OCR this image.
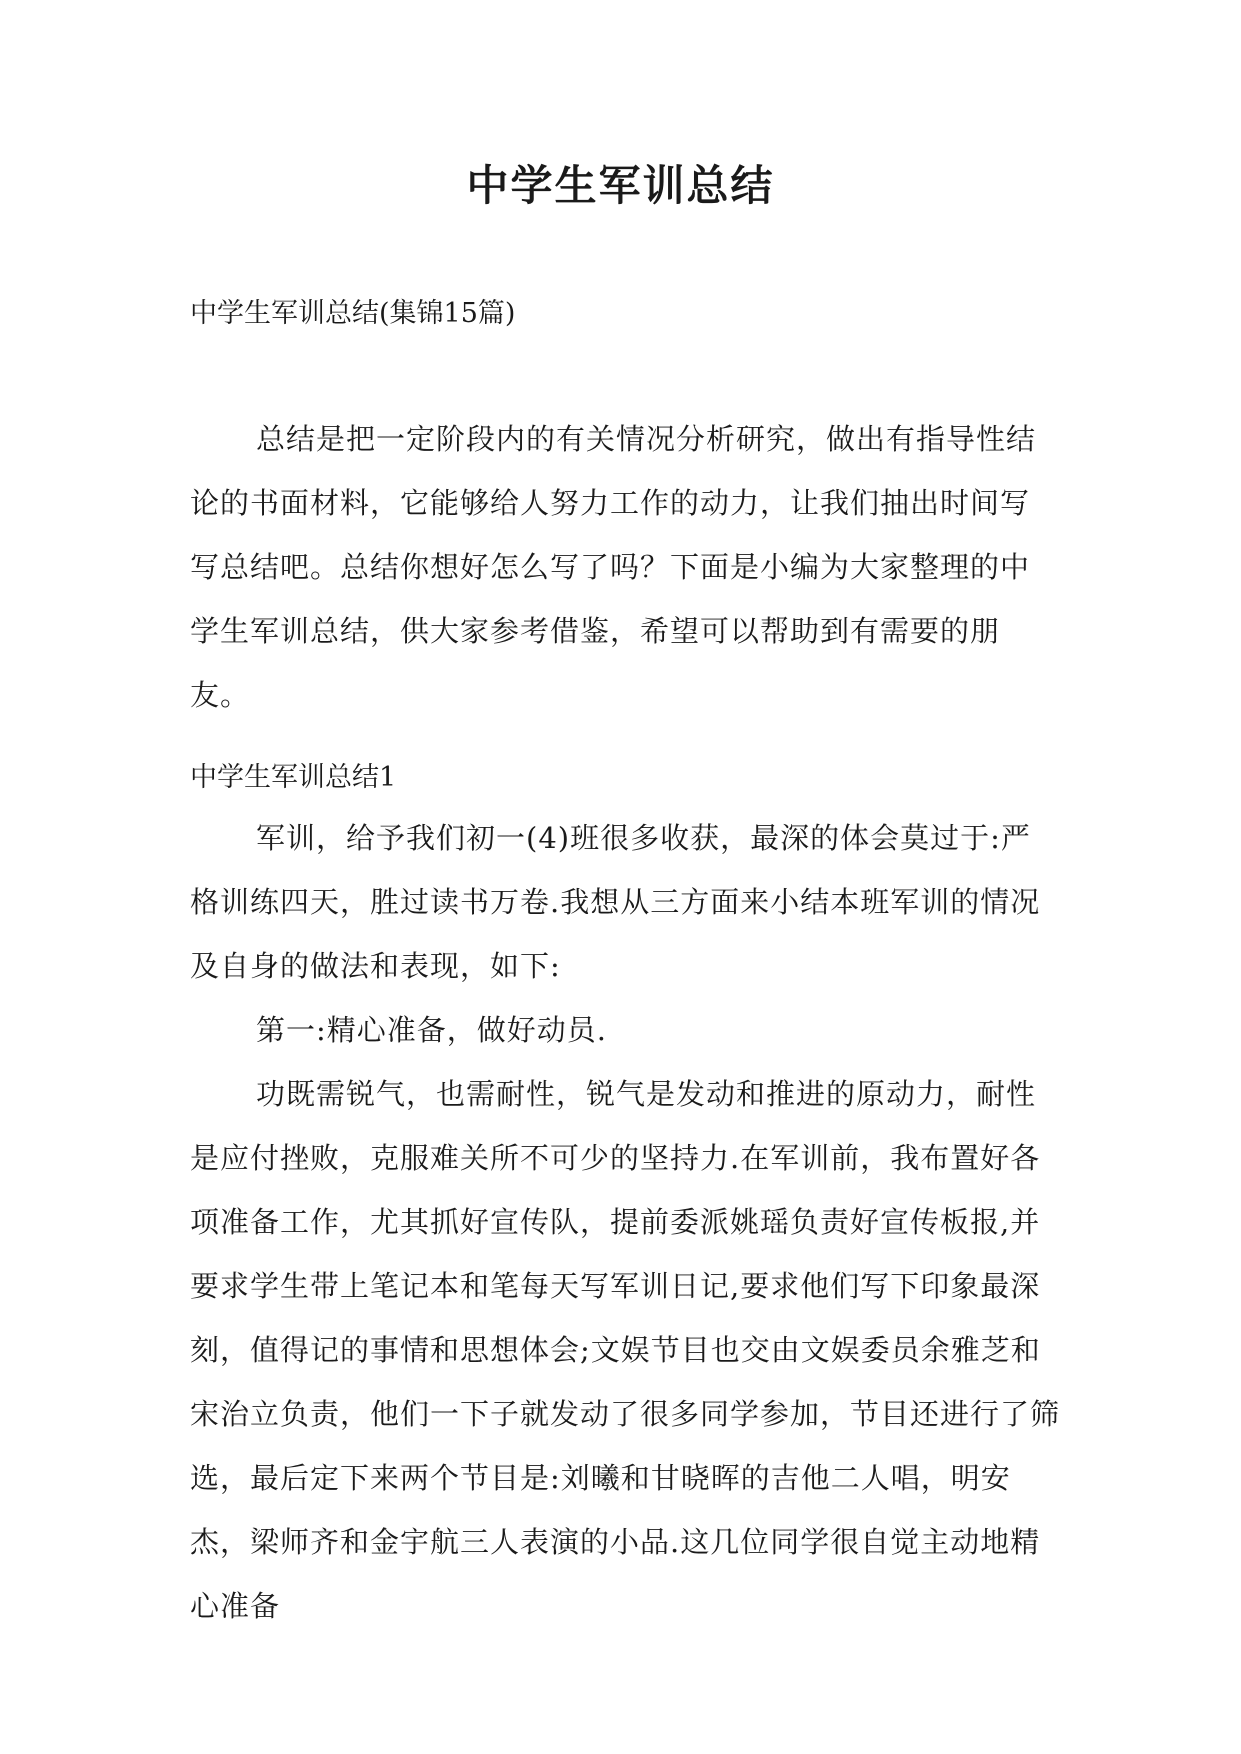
中学生军训总结

中学生军训总结(集锦15篇)

总结是把一定阶段内的有关情况分析研究，做出有指导性结论的书面材料，它能够给人努力工作的动力，让我们抽出时间写写总结吧。总结你想好怎么写了吗？下面是小编为大家整理的中学生军训总结，供大家参考借鉴，希望可以帮助到有需要的朋友。

中学生军训总结1

军训，给予我们初一(4)班很多收获，最深的体会莫过于:严格训练四天，胜过读书万卷.我想从三方面来小结本班军训的情况及自身的做法和表现，如下:

第一:精心准备，做好动员.

功既需锐气，也需耐性，锐气是发动和推进的原动力，耐性是应付挫败，克服难关所不可少的坚持力.在军训前，我布置好各项准备工作，尤其抓好宣传队，提前委派姚瑶负责好宣传板报,并要求学生带上笔记本和笔每天写军训日记,要求他们写下印象最深刻，值得记的事情和思想体会;文娱节目也交由文娱委员余雅芝和宋治立负责，他们一下子就发动了很多同学参加，节目还进行了筛选，最后定下来两个节目是:刘曦和甘晓晖的吉他二人唱，明安杰，梁师齐和金宇航三人表演的小品.这几位同学很自觉主动地精心准备
